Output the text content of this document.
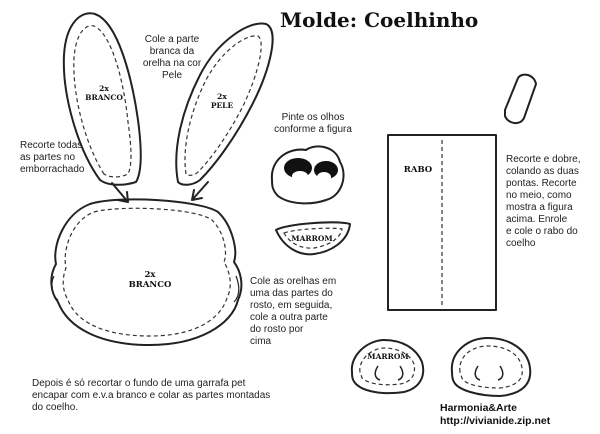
Molde: Coelhinho
Cole a parte
branca da
orelha na cor
Pele
Recorte todas
as partes no
emborrachado
Pinte os olhos
conforme a figura
Cole as orelhas em
uma das partes do
rosto, em seguida,
cole a outra parte
do rosto por
cima
Recorte e dobre,
colando as duas
pontas. Recorte
no meio, como
mostra a figura
acima. Enrole
e cole o rabo do
coelho
Depois é só recortar o fundo de uma garrafa pet
encapar com e.v.a branco e colar as partes montadas
do coelho.
2x
BRANCO	2x
PELE
2x
BRANCO
MARROM
MARROM
RABO
Harmonia&Arte
http://vivianide.zip.net
